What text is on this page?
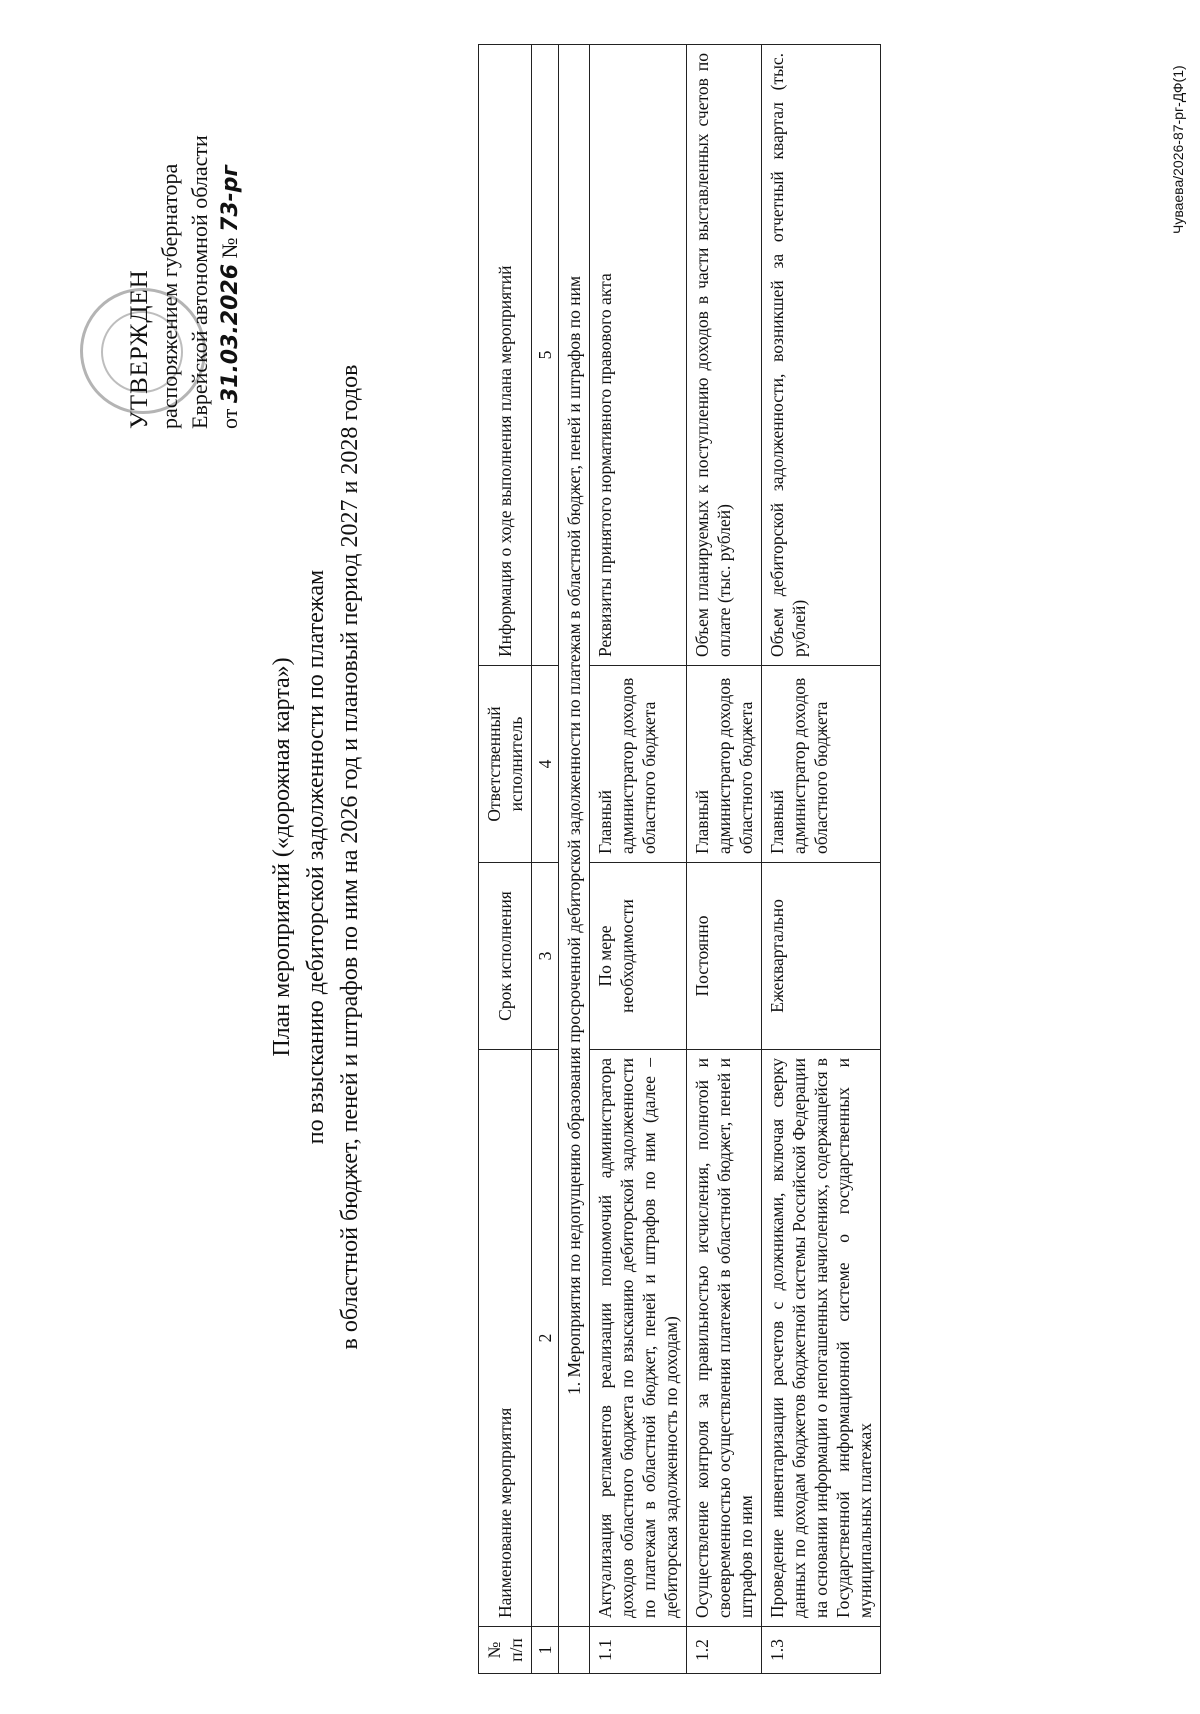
УТВЕРЖДЕН распоряжением губернатора Еврейской автономной области от 31.03.2026 № 73-рг
План мероприятий («дорожная карта») по взысканию дебиторской задолженности по платежам в областной бюджет, пеней и штрафов по ним на 2026 год и плановый период 2027 и 2028 годов
№ п/п	Наименование мероприятия	Срок исполнения	Ответственный исполнитель	Информация о ходе выполнения плана мероприятий
1	2	3	4	5
	1. Мероприятия по недопущению образования просроченной дебиторской задолженности по платежам в областной бюджет, пеней и штрафов по ним			
1.1	Актуализация регламентов реализации полномочий администратора доходов областного бюджета по взысканию дебиторской задолженности по платежам в областной бюджет, пеней и штрафов по ним (далее – дебиторская задолженность по доходам)	По мере необходимости	Главный администратор доходов областного бюджета	Реквизиты принятого нормативного правового акта
1.2	Осуществление контроля за правильностью исчисления, полнотой и своевременностью осуществления платежей в областной бюджет, пеней и штрафов по ним	Постоянно	Главный администратор доходов областного бюджета	Объем планируемых к поступлению доходов в части выставленных счетов по оплате (тыс. рублей)
1.3	Проведение инвентаризации расчетов с должниками, включая сверку данных по доходам бюджетов бюджетной системы Российской Федерации на основании информации о непогашенных начислениях, содержащейся в Государственной информационной системе о государственных и муниципальных платежах	Ежеквартально	Главный администратор доходов областного бюджета	Объем дебиторской задолженности, возникшей за отчетный квартал (тыс. рублей)
Чуваева/2026-87-рг-ДФ(1)
